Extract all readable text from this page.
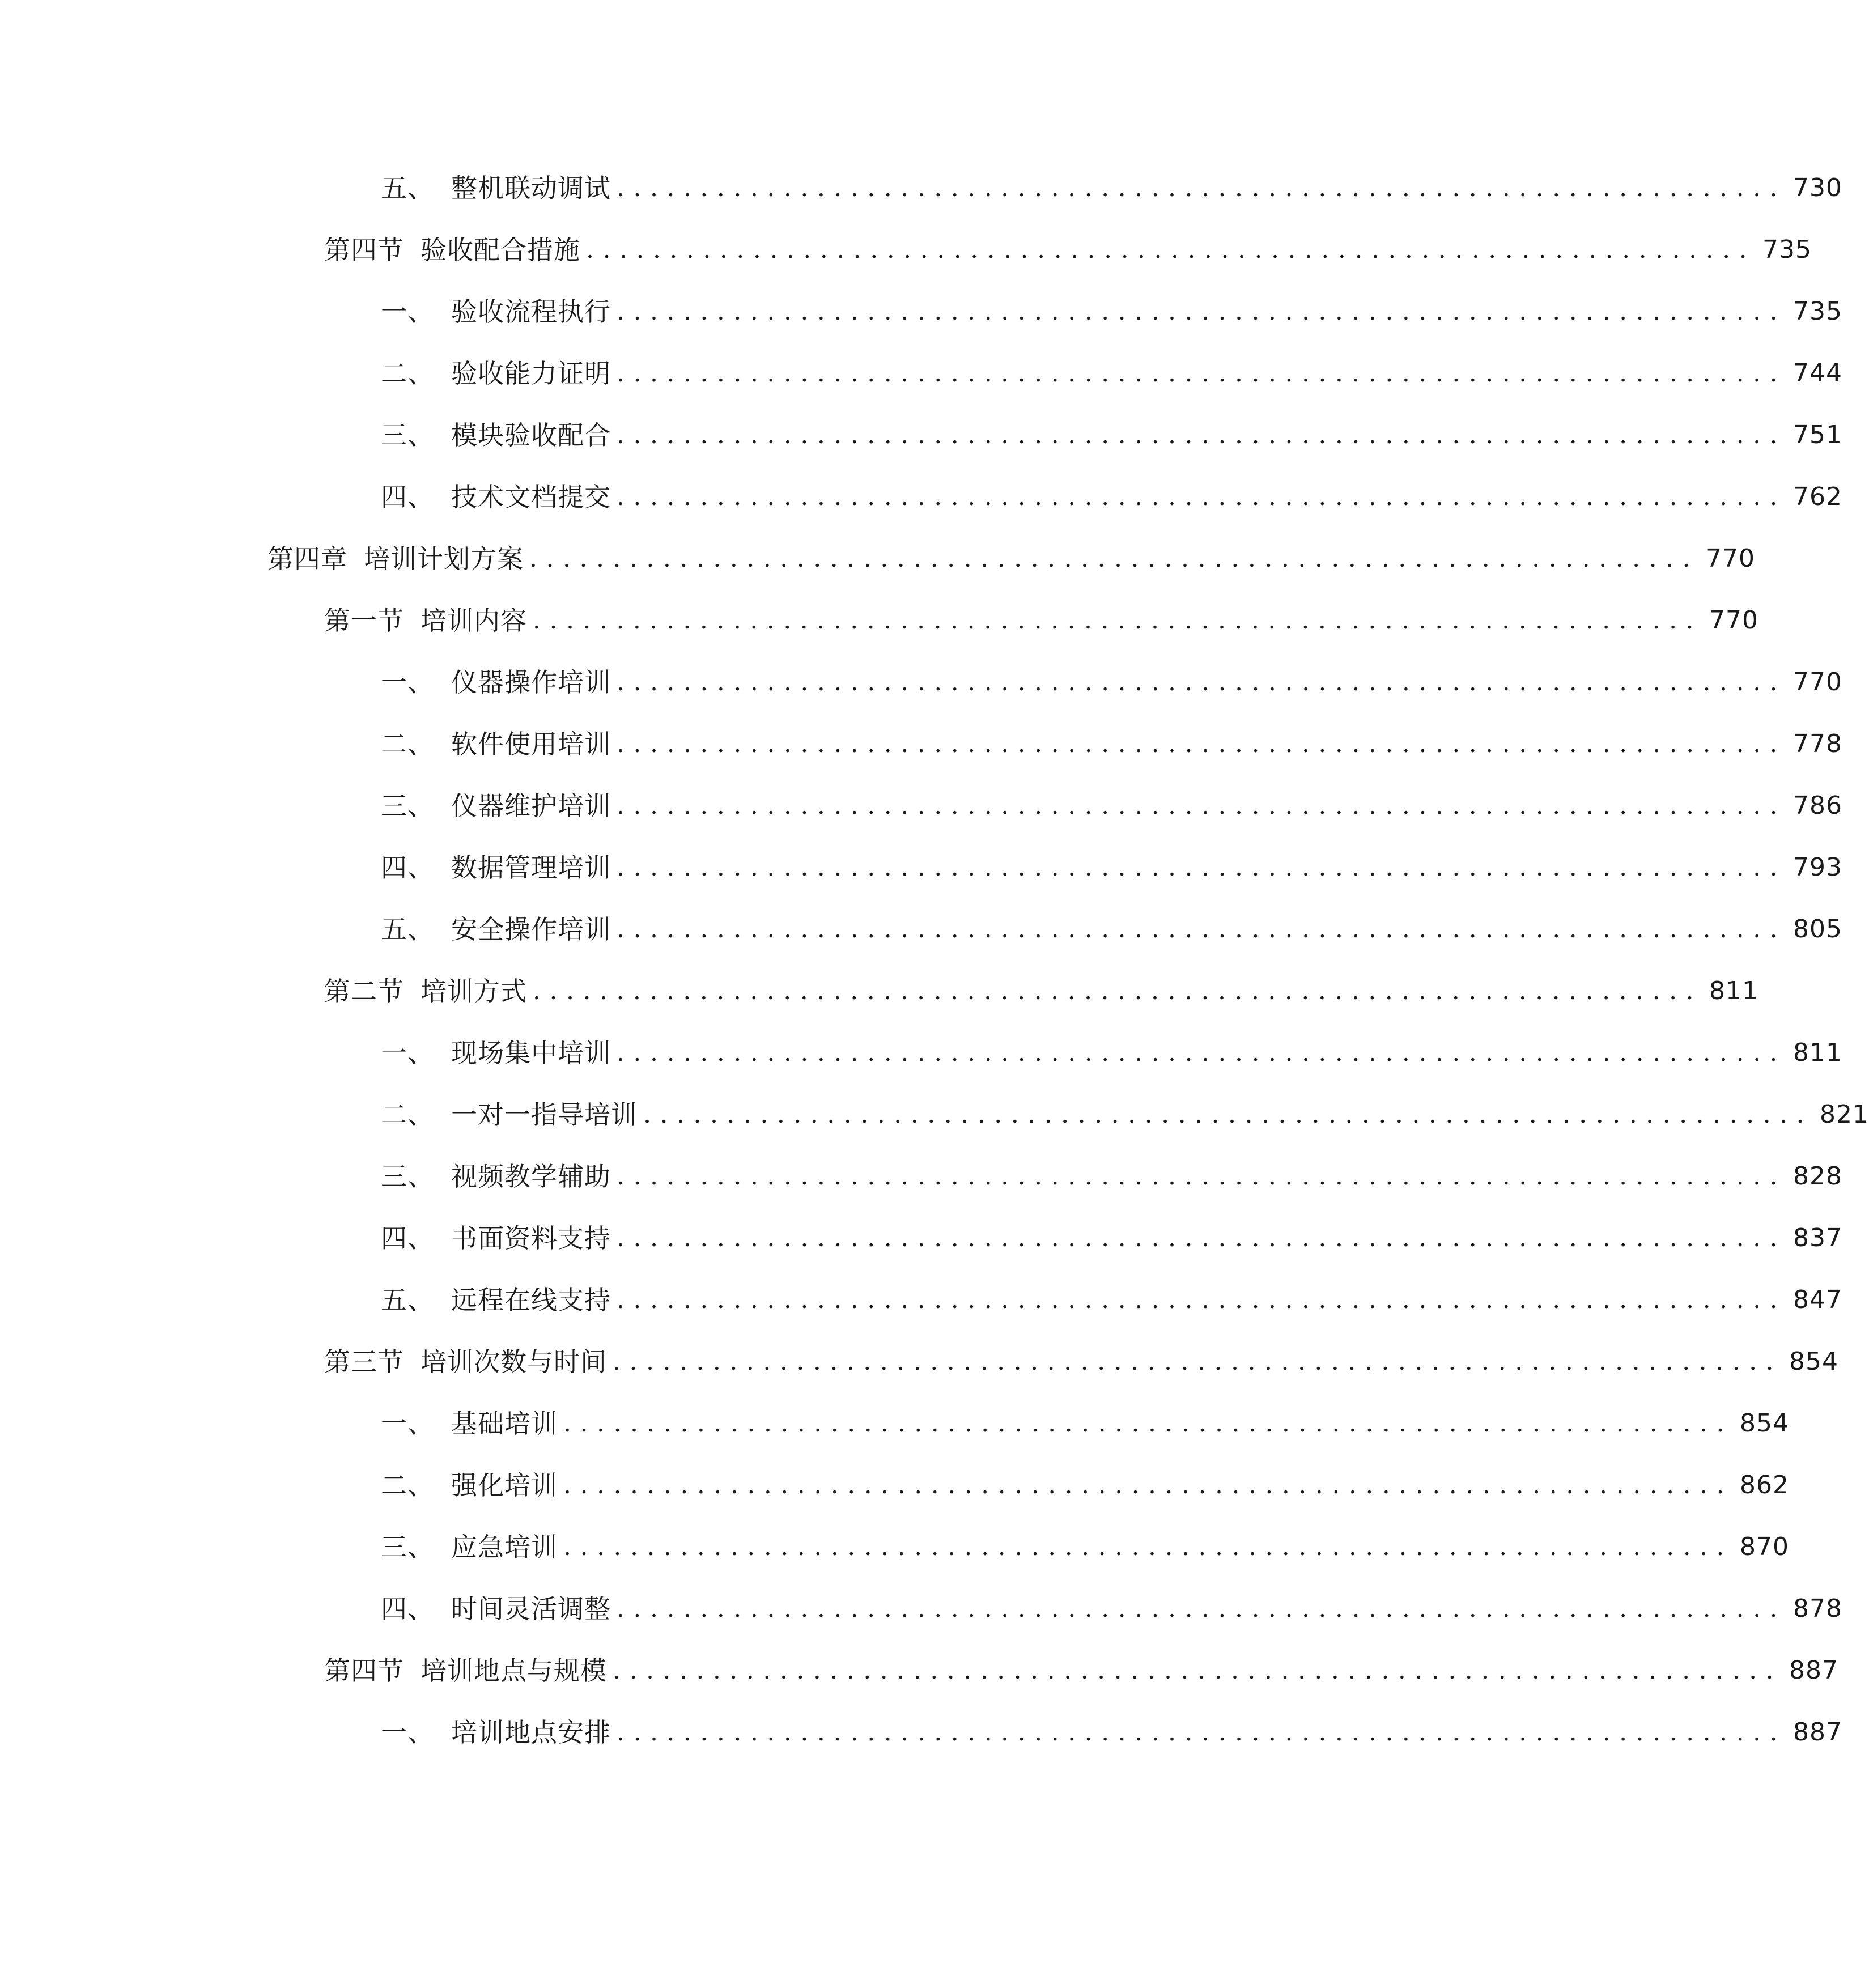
五、 整机联动调试 ...................................................................... 730
第四节 验收配合措施 ...................................................................... 735
一、 验收流程执行 ...................................................................... 735
二、 验收能力证明 ...................................................................... 744
三、 模块验收配合 ...................................................................... 751
四、 技术文档提交 ...................................................................... 762
第四章 培训计划方案 ...................................................................... 770
第一节 培训内容 ...................................................................... 770
一、 仪器操作培训 ...................................................................... 770
二、 软件使用培训 ...................................................................... 778
三、 仪器维护培训 ...................................................................... 786
四、 数据管理培训 ...................................................................... 793
五、 安全操作培训 ...................................................................... 805
第二节 培训方式 ...................................................................... 811
一、 现场集中培训 ...................................................................... 811
二、 一对一指导培训 ...................................................................... 821
三、 视频教学辅助 ...................................................................... 828
四、 书面资料支持 ...................................................................... 837
五、 远程在线支持 ...................................................................... 847
第三节 培训次数与时间 ...................................................................... 854
一、 基础培训 ...................................................................... 854
二、 强化培训 ...................................................................... 862
三、 应急培训 ...................................................................... 870
四、 时间灵活调整 ...................................................................... 878
第四节 培训地点与规模 ...................................................................... 887
一、 培训地点安排 ...................................................................... 887
